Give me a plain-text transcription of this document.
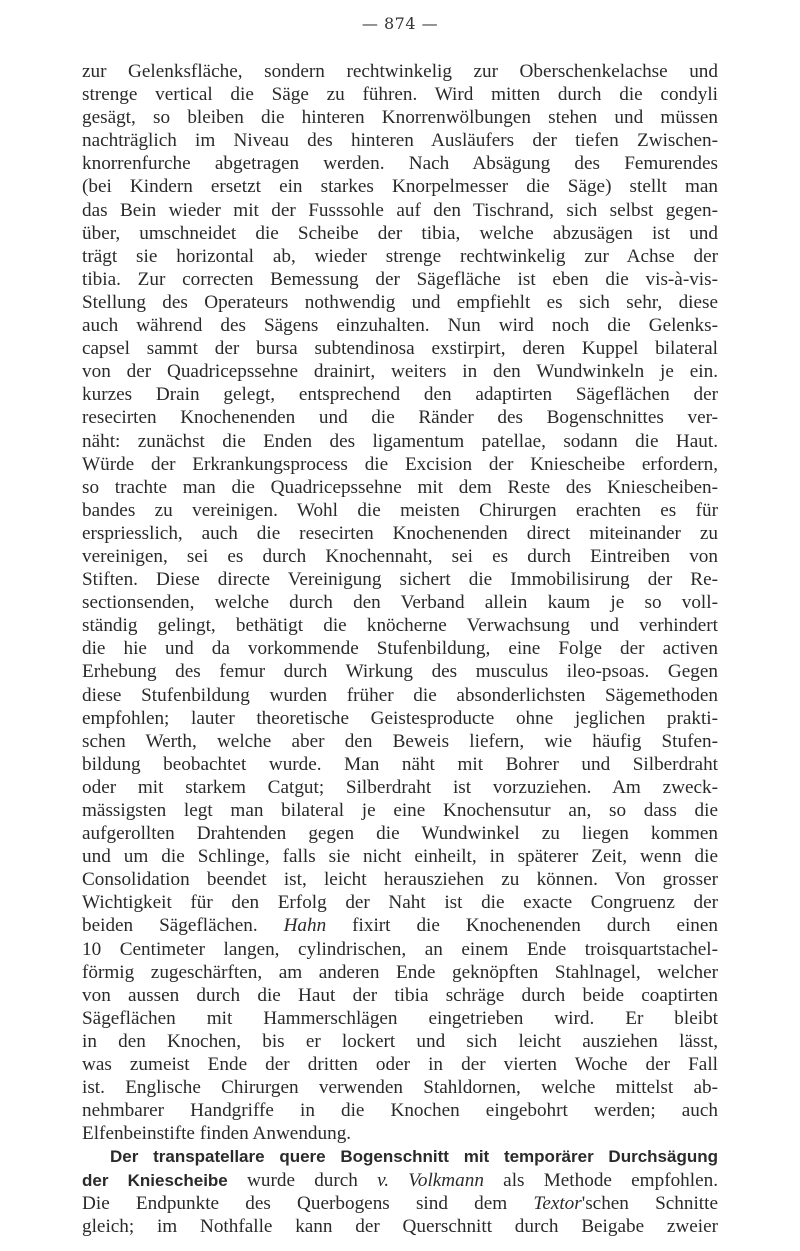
— 874 —

zur Gelenksfläche, sondern rechtwinkelig zur Oberschenkelachse und
strenge vertical die Säge zu führen. Wird mitten durch die condyli
gesägt, so bleiben die hinteren Knorrenwölbungen stehen und müssen
nachträglich im Niveau des hinteren Ausläufers der tiefen Zwischen-
knorrenfurche abgetragen werden. Nach Absägung des Femurendes
(bei Kindern ersetzt ein starkes Knorpelmesser die Säge) stellt man
das Bein wieder mit der Fusssohle auf den Tischrand, sich selbst gegen-
über, umschneidet die Scheibe der tibia, welche abzusägen ist und
trägt sie horizontal ab, wieder strenge rechtwinkelig zur Achse der
tibia. Zur correcten Bemessung der Sägefläche ist eben die vis-à-vis-
Stellung des Operateurs nothwendig und empfiehlt es sich sehr, diese
auch während des Sägens einzuhalten. Nun wird noch die Gelenks-
capsel sammt der bursa subtendinosa exstirpirt, deren Kuppel bilateral
von der Quadricepssehne drainirt, weiters in den Wundwinkeln je ein.
kurzes Drain gelegt, entsprechend den adaptirten Sägeflächen der
resecirten Knochenenden und die Ränder des Bogenschnittes ver-
näht: zunächst die Enden des ligamentum patellae, sodann die Haut.
Würde der Erkrankungsprocess die Excision der Kniescheibe erfordern,
so trachte man die Quadricepssehne mit dem Reste des Kniescheiben-
bandes zu vereinigen. Wohl die meisten Chirurgen erachten es für
erspriesslich, auch die resecirten Knochenenden direct miteinander zu
vereinigen, sei es durch Knochennaht, sei es durch Eintreiben von
Stiften. Diese directe Vereinigung sichert die Immobilisirung der Re-
sectionsenden, welche durch den Verband allein kaum je so voll-
ständig gelingt, bethätigt die knöcherne Verwachsung und verhindert
die hie und da vorkommende Stufenbildung, eine Folge der activen
Erhebung des femur durch Wirkung des musculus ileo-psoas. Gegen
diese Stufenbildung wurden früher die absonderlichsten Sägemethoden
empfohlen; lauter theoretische Geistesproducte ohne jeglichen prakti-
schen Werth, welche aber den Beweis liefern, wie häufig Stufen-
bildung beobachtet wurde. Man näht mit Bohrer und Silberdraht
oder mit starkem Catgut; Silberdraht ist vorzuziehen. Am zweck-
mässigsten legt man bilateral je eine Knochensutur an, so dass die
aufgerollten Drahtenden gegen die Wundwinkel zu liegen kommen
und um die Schlinge, falls sie nicht einheilt, in späterer Zeit, wenn die
Consolidation beendet ist, leicht herausziehen zu können. Von grosser
Wichtigkeit für den Erfolg der Naht ist die exacte Congruenz der
beiden Sägeflächen. Hahn fixirt die Knochenenden durch einen
10 Centimeter langen, cylindrischen, an einem Ende troisquartstachel-
förmig zugeschärften, am anderen Ende geknöpften Stahlnagel, welcher
von aussen durch die Haut der tibia schräge durch beide coaptirten
Sägeflächen mit Hammerschlägen eingetrieben wird. Er bleibt
in den Knochen, bis er lockert und sich leicht ausziehen lässt,
was zumeist Ende der dritten oder in der vierten Woche der Fall
ist. Englische Chirurgen verwenden Stahldornen, welche mittelst ab-
nehmbarer Handgriffe in die Knochen eingebohrt werden; auch
Elfenbeinstifte finden Anwendung.
Der transpatellare quere Bogenschnitt mit temporärer Durchsägung
der Kniescheibe wurde durch v. Volkmann als Methode empfohlen.
Die Endpunkte des Querbogens sind dem Textor'schen Schnitte
gleich; im Nothfalle kann der Querschnitt durch Beigabe zweier
